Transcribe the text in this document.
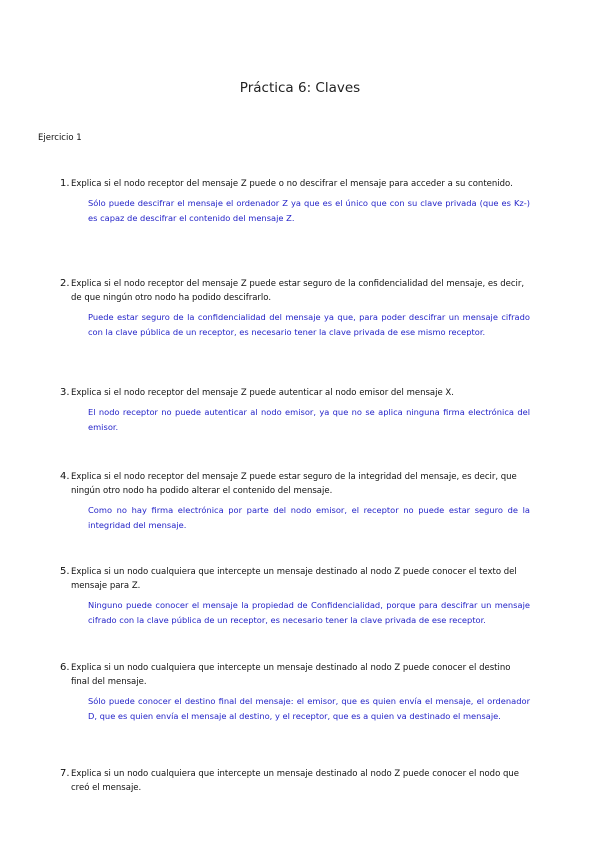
Práctica 6: Claves
Ejercicio 1
1. Explica si el nodo receptor del mensaje Z puede o no descifrar el mensaje para acceder a su contenido.
Sólo puede descifrar el mensaje el ordenador Z ya que es el único que con su clave privada (que es Kz-) es capaz de descifrar el contenido del mensaje Z.
2. Explica si el nodo receptor del mensaje Z puede estar seguro de la confidencialidad del mensaje, es decir, de que ningún otro nodo ha podido descifrarlo.
Puede estar seguro de la confidencialidad del mensaje ya que, para poder descifrar un mensaje cifrado con la clave pública de un receptor, es necesario tener la clave privada de ese mismo receptor.
3. Explica si el nodo receptor del mensaje Z puede autenticar al nodo emisor del mensaje X.
El nodo receptor no puede autenticar al nodo emisor, ya que no se aplica ninguna firma electrónica del emisor.
4. Explica si el nodo receptor del mensaje Z puede estar seguro de la integridad del mensaje, es decir, que ningún otro nodo ha podido alterar el contenido del mensaje.
Como no hay firma electrónica por parte del nodo emisor, el receptor no puede estar seguro de la integridad del mensaje.
5. Explica si un nodo cualquiera que intercepte un mensaje destinado al nodo Z puede conocer el texto del mensaje para Z.
Ninguno puede conocer el mensaje la propiedad de Confidencialidad, porque para descifrar un mensaje cifrado con la clave pública de un receptor, es necesario tener la clave privada de ese receptor.
6. Explica si un nodo cualquiera que intercepte un mensaje destinado al nodo Z puede conocer el destino final del mensaje.
Sólo puede conocer el destino final del mensaje: el emisor, que es quien envía el mensaje, el ordenador D, que es quien envía el mensaje al destino, y el receptor, que es a quien va destinado el mensaje.
7. Explica si un nodo cualquiera que intercepte un mensaje destinado al nodo Z puede conocer el nodo que creó el mensaje.
